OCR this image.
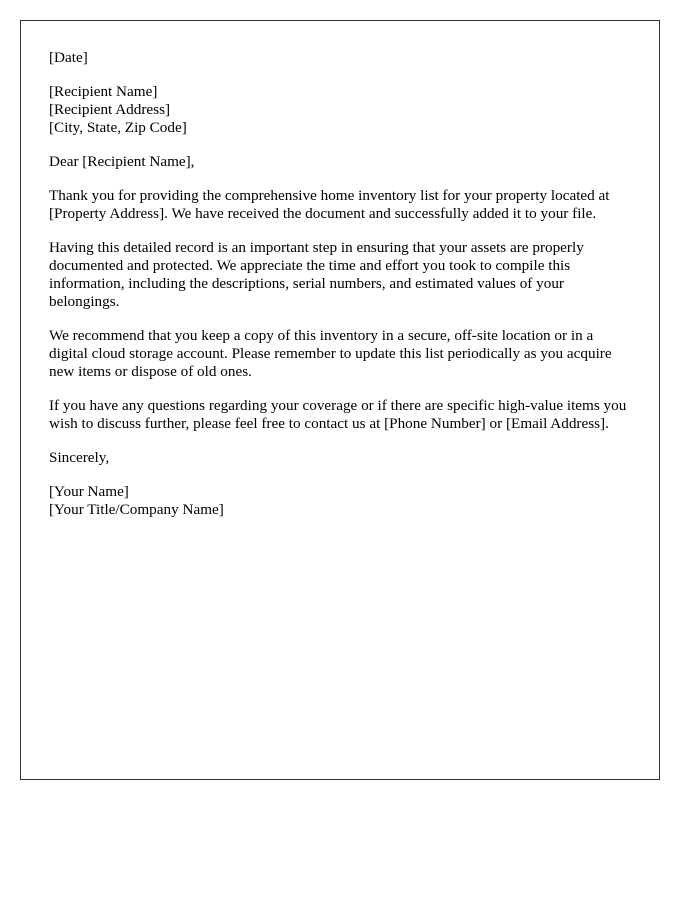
[Date]
[Recipient Name]
[Recipient Address]
[City, State, Zip Code]
Dear [Recipient Name],

Thank you for providing the comprehensive home inventory list for your property located at [Property Address]. We have received the document and successfully added it to your file.

Having this detailed record is an important step in ensuring that your assets are properly documented and protected. We appreciate the time and effort you took to compile this information, including the descriptions, serial numbers, and estimated values of your belongings.

We recommend that you keep a copy of this inventory in a secure, off-site location or in a digital cloud storage account. Please remember to update this list periodically as you acquire new items or dispose of old ones.

If you have any questions regarding your coverage or if there are specific high-value items you wish to discuss further, please feel free to contact us at [Phone Number] or [Email Address].

Sincerely,
[Your Name]
[Your Title/Company Name]
